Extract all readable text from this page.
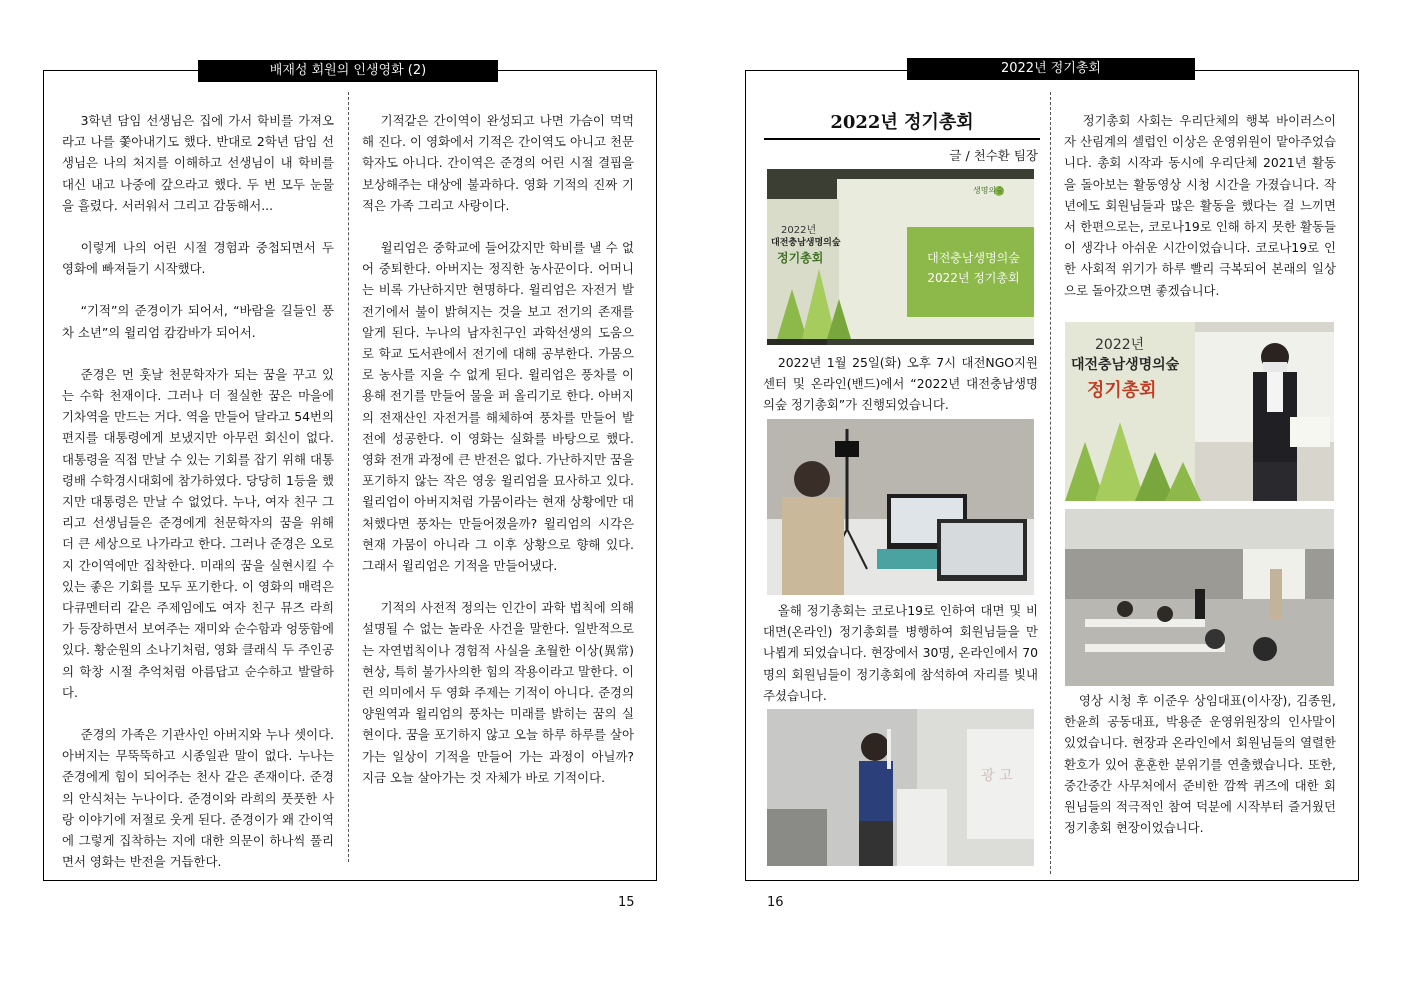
배재성 회원의 인생영화 (2)

3학년 담임 선생님은 집에 가서 학비를 가져오라고 나를 쫓아내기도 했다. 반대로 2학년 담임 선생님은 나의 처지를 이해하고 선생님이 내 학비를 대신 내고 나중에 갚으라고 했다. 두 번 모두 눈물을 흘렸다. 서러워서 그리고 감동해서...

이렇게 나의 어린 시절 경험과 중첩되면서 두 영화에 빠져들기 시작했다.

“기적”의 준경이가 되어서, “바람을 길들인 풍차 소년”의 윌리엄 캄캄바가 되어서.

준경은 먼 훗날 천문학자가 되는 꿈을 꾸고 있는 수학 천재이다. 그러나 더 절실한 꿈은 마을에 기차역을 만드는 거다. 역을 만들어 달라고 54번의 편지를 대통령에게 보냈지만 아무런 회신이 없다. 대통령을 직접 만날 수 있는 기회를 잡기 위해 대통령배 수학경시대회에 참가하였다. 당당히 1등을 했지만 대통령은 만날 수 없었다. 누나, 여자 친구 그리고 선생님들은 준경에게 천문학자의 꿈을 위해 더 큰 세상으로 나가라고 한다. 그러나 준경은 오로지 간이역에만 집착한다. 미래의 꿈을 실현시킬 수 있는 좋은 기회를 모두 포기한다. 이 영화의 매력은 다큐멘터리 같은 주제임에도 여자 친구 뮤즈 라희가 등장하면서 보여주는 재미와 순수함과 엉뚱함에 있다. 황순원의 소나기처럼, 영화 클래식 두 주인공의 학창 시절 추억처럼 아름답고 순수하고 발랄하다.

준경의 가족은 기관사인 아버지와 누나 셋이다. 아버지는 무뚝뚝하고 시종일관 말이 없다. 누나는 준경에게 힘이 되어주는 천사 같은 존재이다. 준경의 안식처는 누나이다. 준경이와 라희의 풋풋한 사랑 이야기에 저절로 웃게 된다. 준경이가 왜 간이역에 그렇게 집착하는 지에 대한 의문이 하나씩 풀리면서 영화는 반전을 거듭한다.

기적같은 간이역이 완성되고 나면 가슴이 먹먹해 진다. 이 영화에서 기적은 간이역도 아니고 천문학자도 아니다. 간이역은 준경의 어린 시절 결핍을 보상해주는 대상에 불과하다. 영화 기적의 진짜 기적은 가족 그리고 사랑이다.

윌리엄은 중학교에 들어갔지만 학비를 낼 수 없어 중퇴한다. 아버지는 정직한 농사꾼이다. 어머니는 비록 가난하지만 현명하다. 윌리엄은 자전거 발전기에서 불이 밝혀지는 것을 보고 전기의 존재를 알게 된다. 누나의 남자친구인 과학선생의 도움으로 학교 도서관에서 전기에 대해 공부한다. 가뭄으로 농사를 지을 수 없게 된다. 윌리엄은 풍차를 이용해 전기를 만들어 물을 퍼 올리기로 한다. 아버지의 전재산인 자전거를 해체하여 풍차를 만들어 발전에 성공한다. 이 영화는 실화를 바탕으로 했다. 영화 전개 과정에 큰 반전은 없다. 가난하지만 꿈을 포기하지 않는 작은 영웅 윌리엄을 묘사하고 있다. 윌리엄이 아버지처럼 가뭄이라는 현재 상황에만 대처했다면 풍차는 만들어졌을까? 윌리엄의 시각은 현재 가뭄이 아니라 그 이후 상황으로 향해 있다. 그래서 윌리엄은 기적을 만들어냈다.

기적의 사전적 정의는 인간이 과학 법칙에 의해 설명될 수 없는 놀라운 사건을 말한다. 일반적으로는 자연법칙이나 경험적 사실을 초월한 이상(異常) 현상, 특히 불가사의한 힘의 작용이라고 말한다. 이런 의미에서 두 영화 주제는 기적이 아니다. 준경의 양원역과 윌리엄의 풍차는 미래를 밝히는 꿈의 실현이다. 꿈을 포기하지 않고 오늘 하루 하루를 살아가는 일상이 기적을 만들어 가는 과정이 아닐까? 지금 오늘 살아가는 것 자체가 바로 기적이다.

15
2022년 정기총회
2022년 정기총회
글 / 천수환 팀장
2022년
대전충남생명의숲
정기총회
생명의숲
대전충남생명의숲
2022년 정기총회
2022년 1월 25일(화) 오후 7시 대전NGO지원센터 및 온라인(밴드)에서 “2022년 대전충남생명의숲 정기총회”가 진행되었습니다.
올해 정기총회는 코로나19로 인하여 대면 및 비대면(온라인) 정기총회를 병행하여 회원님들을 만나뵙게 되었습니다. 현장에서 30명, 온라인에서 70명의 회원님들이 정기총회에 참석하여 자리를 빛내주셨습니다.
광 고

정기총회 사회는 우리단체의 행복 바이러스이자 산림계의 셀럽인 이상은 운영위원이 맡아주었습니다. 총회 시작과 동시에 우리단체 2021년 활동을 돌아보는 활동영상 시청 시간을 가졌습니다. 작년에도 회원님들과 많은 활동을 했다는 걸 느끼면서 한편으로는, 코로나19로 인해 하지 못한 활동들이 생각나 아쉬운 시간이었습니다. 코로나19로 인한 사회적 위기가 하루 빨리 극복되어 본래의 일상으로 돌아갔으면 좋겠습니다.

2022년
대전충남생명의숲
정기총회
영상 시청 후 이준우 상임대표(이사장), 김종원, 한윤희 공동대표, 박용준 운영위원장의 인사말이 있었습니다. 현장과 온라인에서 회원님들의 열렬한 환호가 있어 훈훈한 분위기를 연출했습니다. 또한, 중간중간 사무처에서 준비한 깜짝 퀴즈에 대한 회원님들의 적극적인 참여 덕분에 시작부터 즐거웠던 정기총회 현장이었습니다.
16
